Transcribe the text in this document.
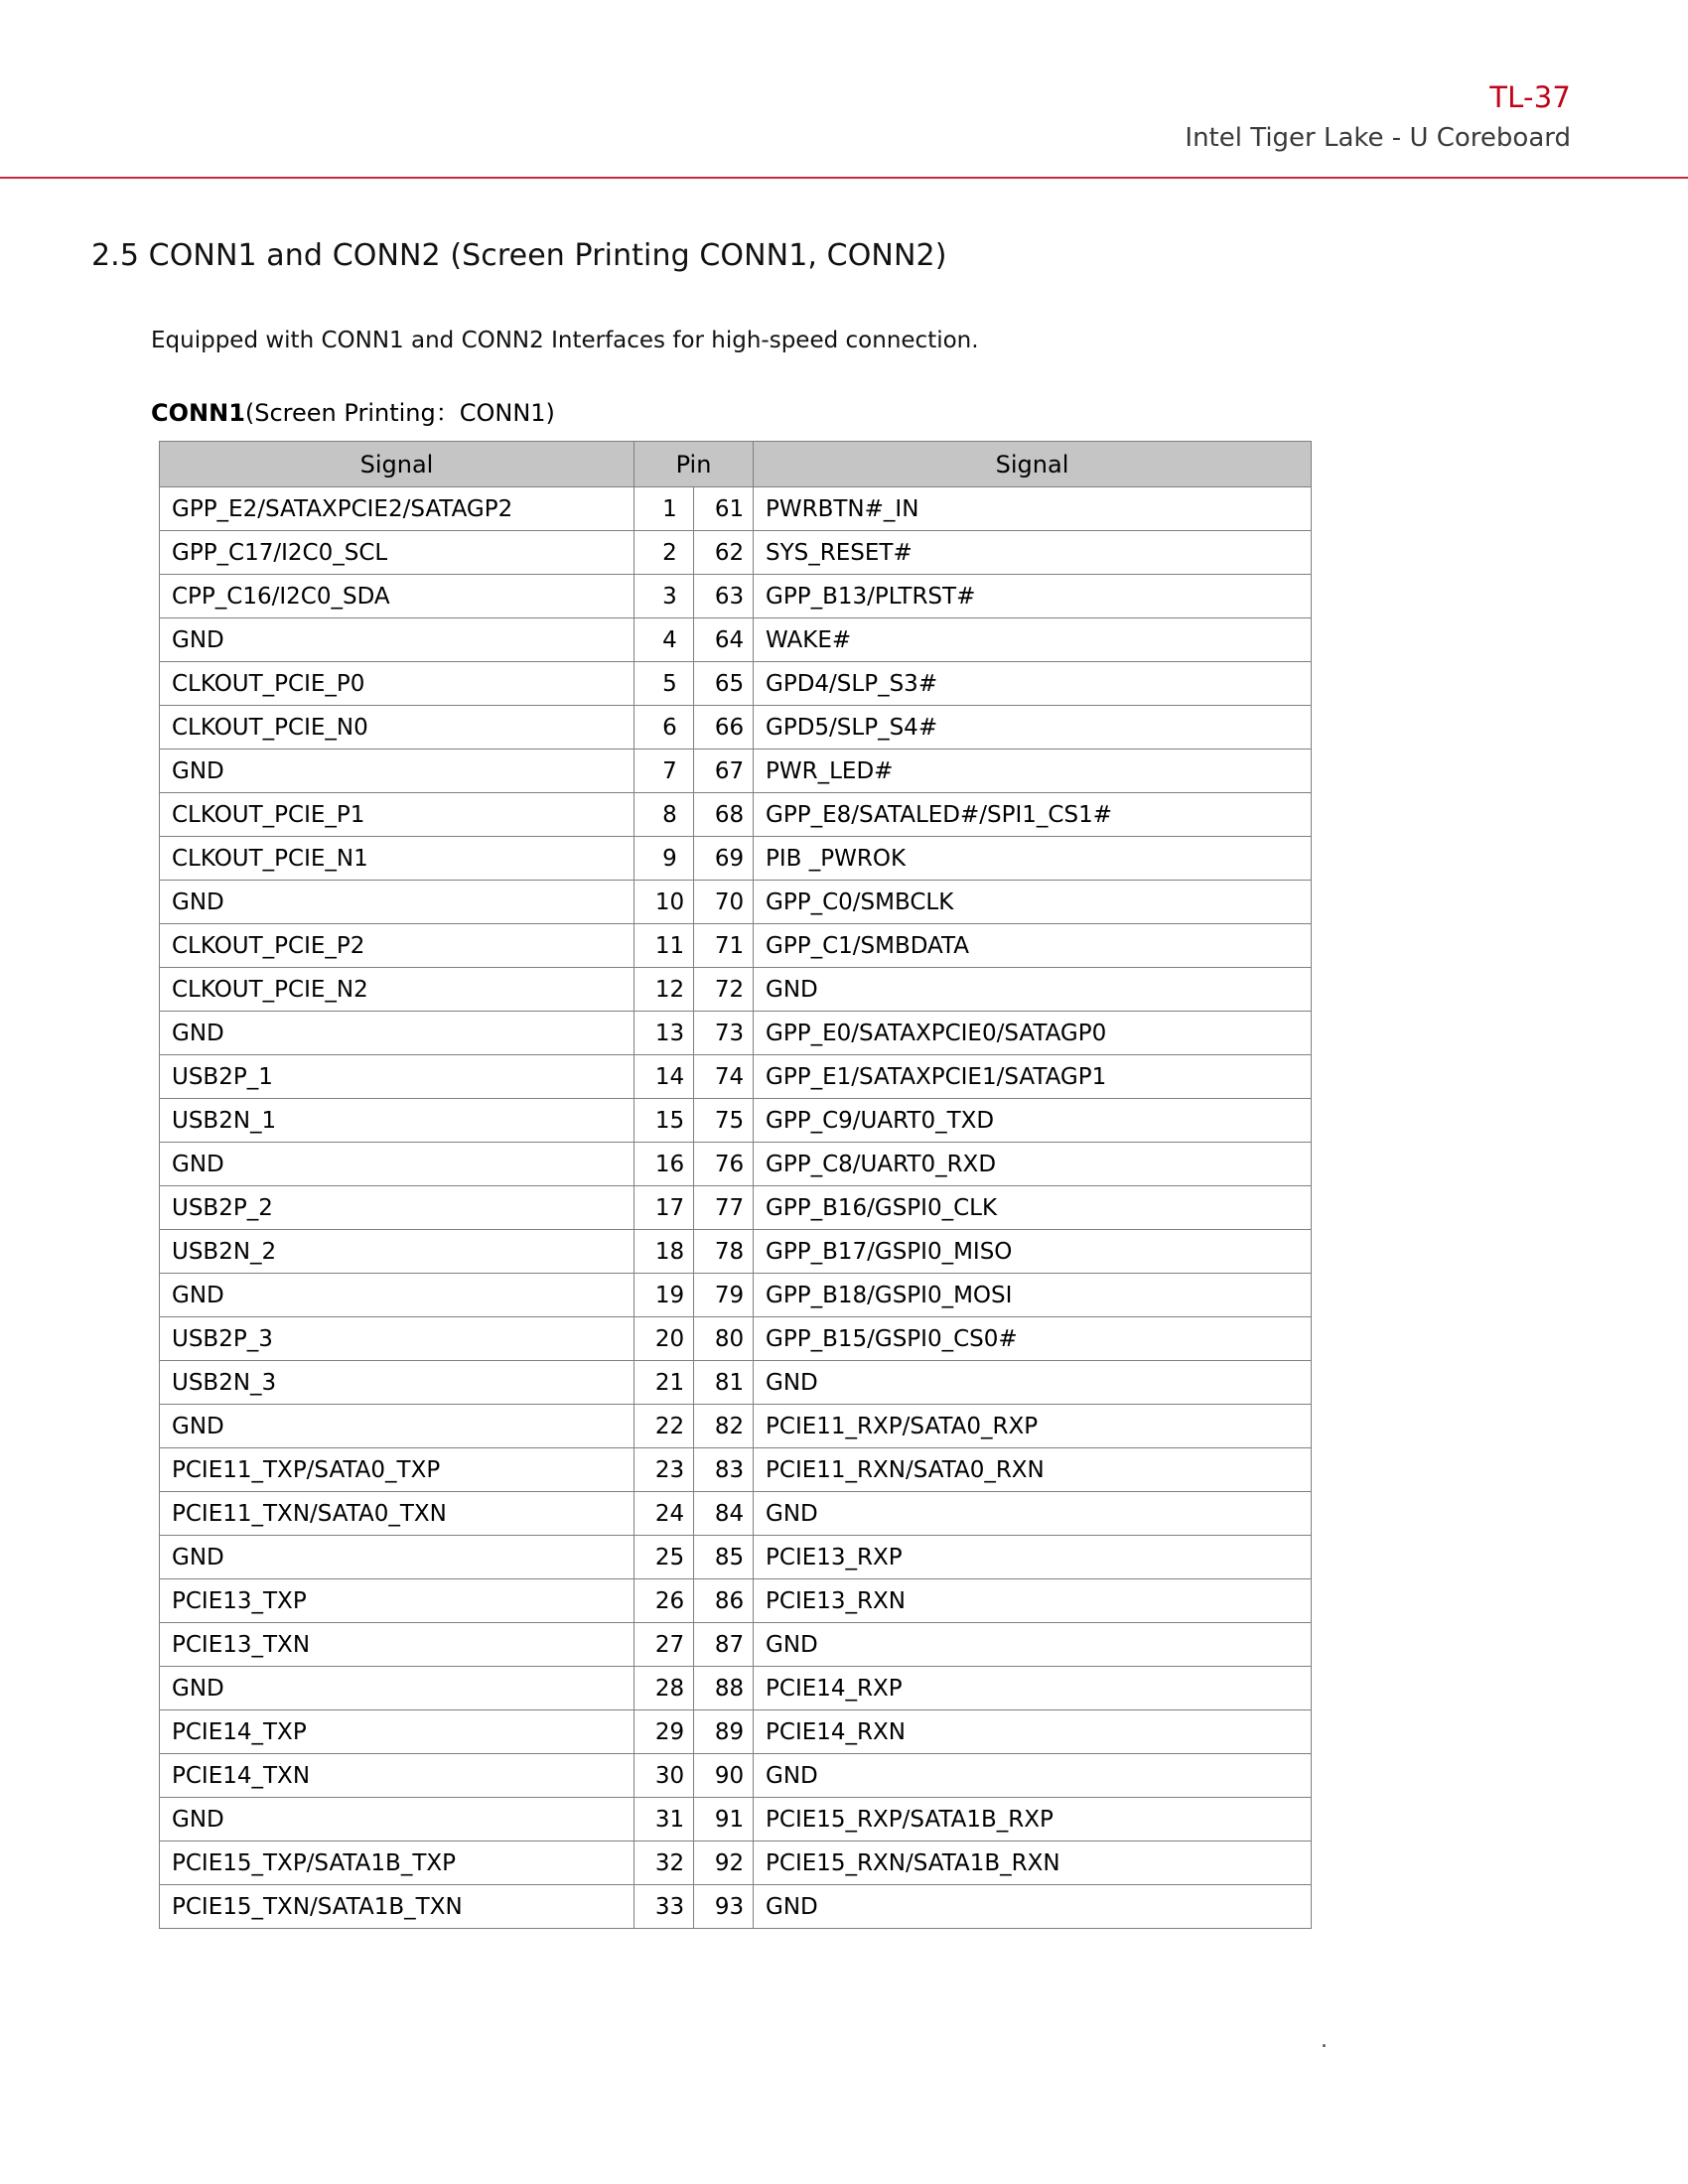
TL-37
Intel Tiger Lake - U Coreboard
2.5 CONN1 and CONN2 (Screen Printing CONN1, CONN2)
Equipped with CONN1 and CONN2 Interfaces for high-speed connection.
CONN1(Screen Printing：CONN1)
Signal	Pin		Signal
GPP_E2/SATAXPCIE2/SATAGP2	1	61	PWRBTN#_IN
GPP_C17/I2C0_SCL	2	62	SYS_RESET#
CPP_C16/I2C0_SDA	3	63	GPP_B13/PLTRST#
GND	4	64	WAKE#
CLKOUT_PCIE_P0	5	65	GPD4/SLP_S3#
CLKOUT_PCIE_N0	6	66	GPD5/SLP_S4#
GND	7	67	PWR_LED#
CLKOUT_PCIE_P1	8	68	GPP_E8/SATALED#/SPI1_CS1#
CLKOUT_PCIE_N1	9	69	PIB _PWROK
GND	10	70	GPP_C0/SMBCLK
CLKOUT_PCIE_P2	11	71	GPP_C1/SMBDATA
CLKOUT_PCIE_N2	12	72	GND
GND	13	73	GPP_E0/SATAXPCIE0/SATAGP0
USB2P_1	14	74	GPP_E1/SATAXPCIE1/SATAGP1
USB2N_1	15	75	GPP_C9/UART0_TXD
GND	16	76	GPP_C8/UART0_RXD
USB2P_2	17	77	GPP_B16/GSPI0_CLK
USB2N_2	18	78	GPP_B17/GSPI0_MISO
GND	19	79	GPP_B18/GSPI0_MOSI
USB2P_3	20	80	GPP_B15/GSPI0_CS0#
USB2N_3	21	81	GND
GND	22	82	PCIE11_RXP/SATA0_RXP
PCIE11_TXP/SATA0_TXP	23	83	PCIE11_RXN/SATA0_RXN
PCIE11_TXN/SATA0_TXN	24	84	GND
GND	25	85	PCIE13_RXP
PCIE13_TXP	26	86	PCIE13_RXN
PCIE13_TXN	27	87	GND
GND	28	88	PCIE14_RXP
PCIE14_TXP	29	89	PCIE14_RXN
PCIE14_TXN	30	90	GND
GND	31	91	PCIE15_RXP/SATA1B_RXP
PCIE15_TXP/SATA1B_TXP	32	92	PCIE15_RXN/SATA1B_RXN
PCIE15_TXN/SATA1B_TXN	33	93	GND
.
